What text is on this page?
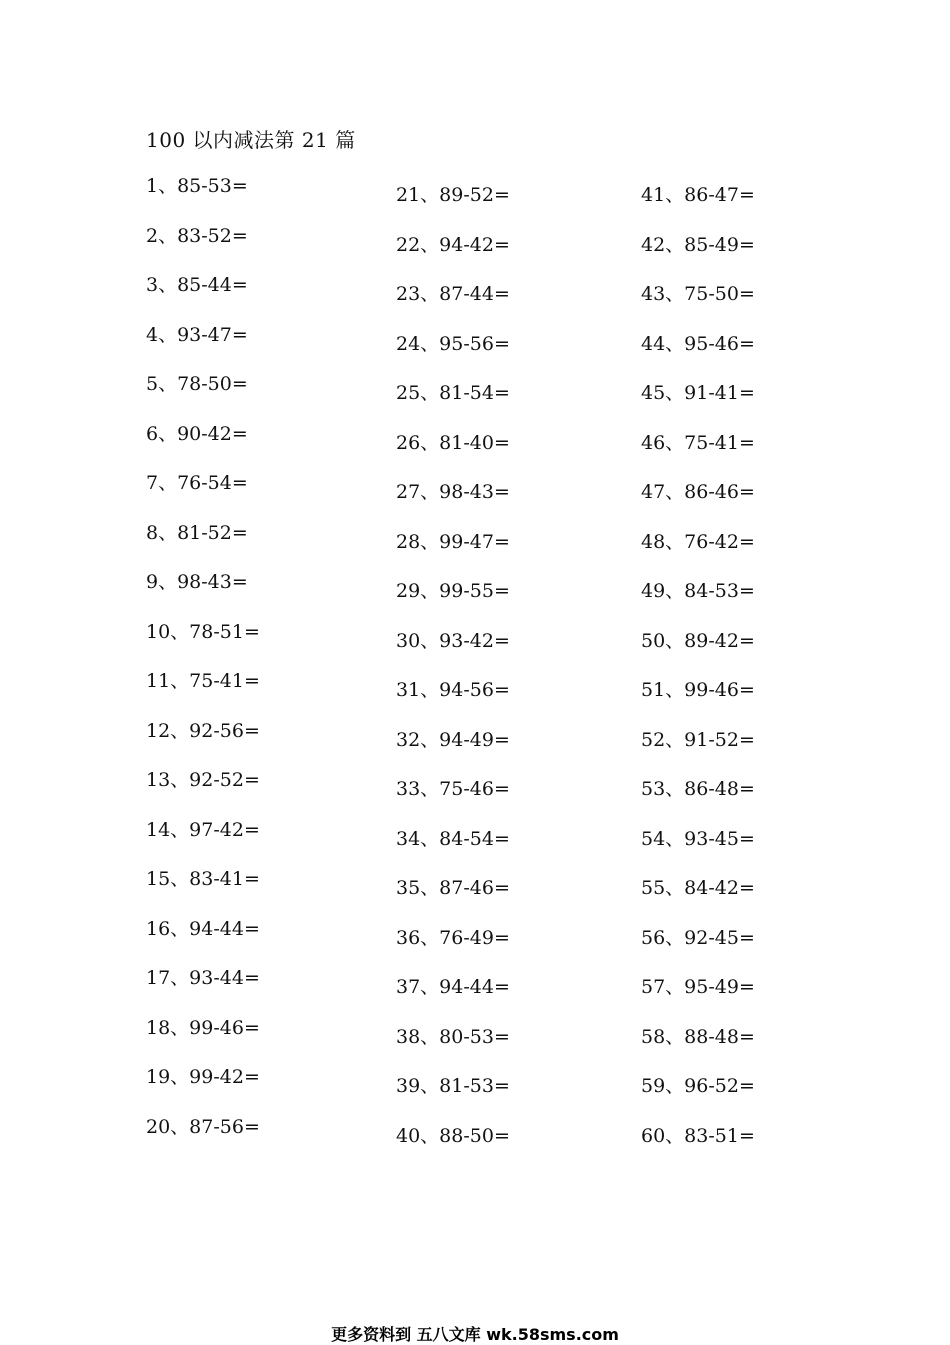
100 以内减法第 21 篇
1、85-53=
2、83-52=
3、85-44=
4、93-47=
5、78-50=
6、90-42=
7、76-54=
8、81-52=
9、98-43=
10、78-51=
11、75-41=
12、92-56=
13、92-52=
14、97-42=
15、83-41=
16、94-44=
17、93-44=
18、99-46=
19、99-42=
20、87-56=
21、89-52=
22、94-42=
23、87-44=
24、95-56=
25、81-54=
26、81-40=
27、98-43=
28、99-47=
29、99-55=
30、93-42=
31、94-56=
32、94-49=
33、75-46=
34、84-54=
35、87-46=
36、76-49=
37、94-44=
38、80-53=
39、81-53=
40、88-50=
41、86-47=
42、85-49=
43、75-50=
44、95-46=
45、91-41=
46、75-41=
47、86-46=
48、76-42=
49、84-53=
50、89-42=
51、99-46=
52、91-52=
53、86-48=
54、93-45=
55、84-42=
56、92-45=
57、95-49=
58、88-48=
59、96-52=
60、83-51=
更多资料到 五八文库 wk.58sms.com
